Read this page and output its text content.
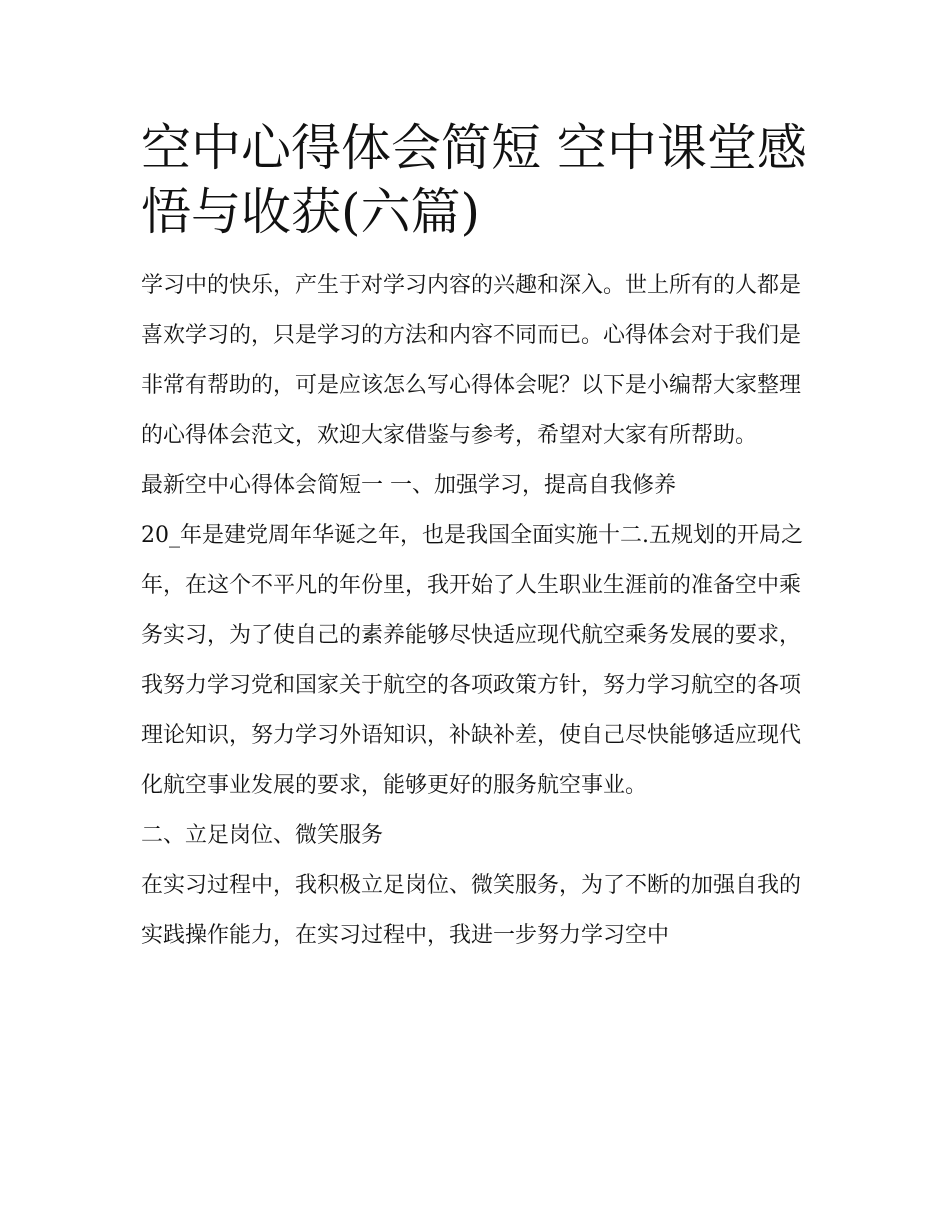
空中心得体会简短 空中课堂感悟与收获(六篇)

学习中的快乐，产生于对学习内容的兴趣和深入。世上所有的人都是喜欢学习的，只是学习的方法和内容不同而已。心得体会对于我们是非常有帮助的，可是应该怎么写心得体会呢？以下是小编帮大家整理的心得体会范文，欢迎大家借鉴与参考，希望对大家有所帮助。

最新空中心得体会简短一 一、加强学习，提高自我修养

20_年是建党周年华诞之年，也是我国全面实施十二.五规划的开局之年，在这个不平凡的年份里，我开始了人生职业生涯前的准备空中乘务实习，为了使自己的素养能够尽快适应现代航空乘务发展的要求，我努力学习党和国家关于航空的各项政策方针，努力学习航空的各项理论知识，努力学习外语知识，补缺补差，使自己尽快能够适应现代化航空事业发展的要求，能够更好的服务航空事业。

二、立足岗位、微笑服务

在实习过程中，我积极立足岗位、微笑服务，为了不断的加强自我的实践操作能力，在实习过程中，我进一步努力学习空中
